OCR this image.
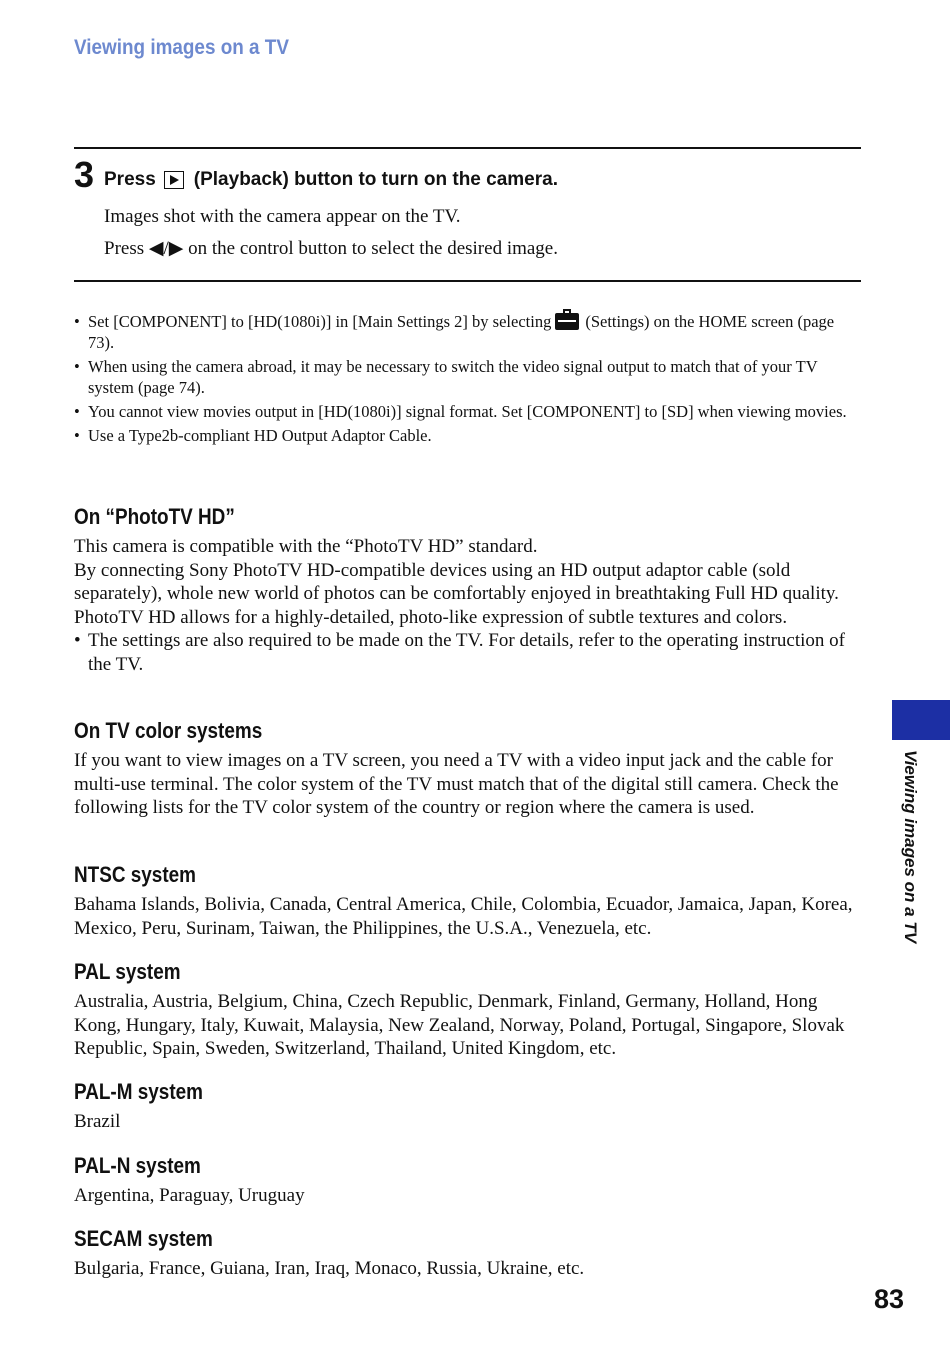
Viewing images on a TV
3 Press (Playback) button to turn on the camera.
Images shot with the camera appear on the TV.
Press ◀/▶ on the control button to select the desired image.
• Set [COMPONENT] to [HD(1080i)] in [Main Settings 2] by selecting (Settings) on the HOME screen (page 73).
• When using the camera abroad, it may be necessary to switch the video signal output to match that of your TV system (page 74).
• You cannot view movies output in [HD(1080i)] signal format. Set [COMPONENT] to [SD] when viewing movies.
• Use a Type2b-compliant HD Output Adaptor Cable.
On “PhotoTV HD”

This camera is compatible with the “PhotoTV HD” standard.

By connecting Sony PhotoTV HD-compatible devices using an HD output adaptor cable (sold separately), whole new world of photos can be comfortably enjoyed in breathtaking Full HD quality.

PhotoTV HD allows for a highly-detailed, photo-like expression of subtle textures and colors.

• The settings are also required to be made on the TV. For details, refer to the operating instruction of the TV.
On TV color systems

If you want to view images on a TV screen, you need a TV with a video input jack and the cable for multi-use terminal. The color system of the TV must match that of the digital still camera. Check the following lists for the TV color system of the country or region where the camera is used.

NTSC system

Bahama Islands, Bolivia, Canada, Central America, Chile, Colombia, Ecuador, Jamaica, Japan, Korea, Mexico, Peru, Surinam, Taiwan, the Philippines, the U.S.A., Venezuela, etc.

PAL system

Australia, Austria, Belgium, China, Czech Republic, Denmark, Finland, Germany, Holland, Hong Kong, Hungary, Italy, Kuwait, Malaysia, New Zealand, Norway, Poland, Portugal, Singapore, Slovak Republic, Spain, Sweden, Switzerland, Thailand, United Kingdom, etc.

PAL-M system

Brazil

PAL-N system

Argentina, Paraguay, Uruguay

SECAM system

Bulgaria, France, Guiana, Iran, Iraq, Monaco, Russia, Ukraine, etc.

Viewing images on a TV
83
